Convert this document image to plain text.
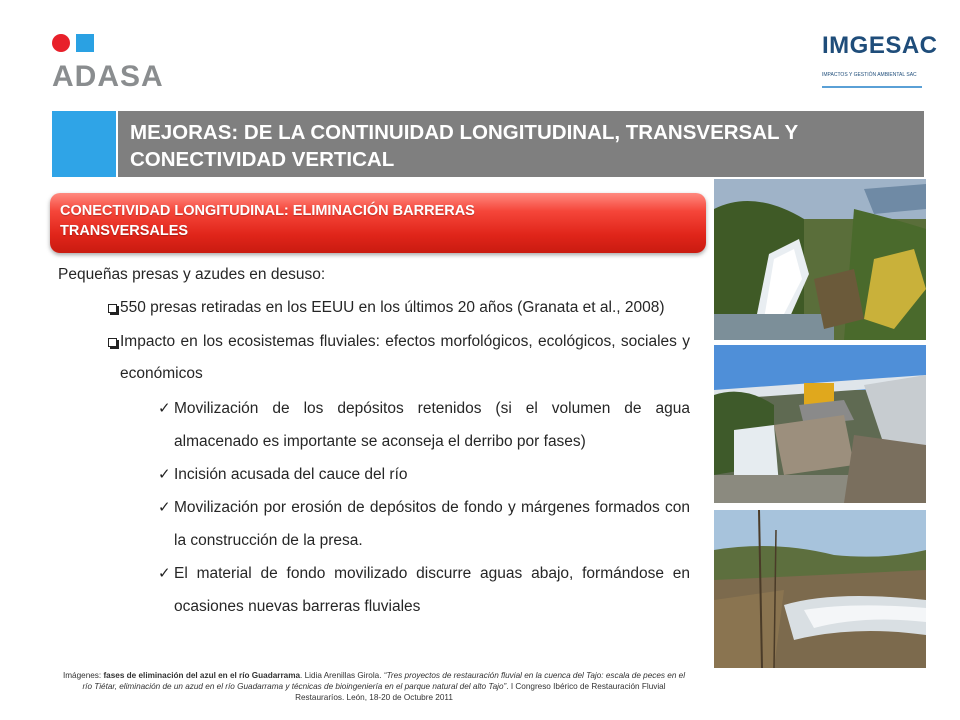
ADASA
IMGESAC
IMPACTOS Y GESTIÓN AMBIENTAL SAC
MEJORAS: DE LA CONTINUIDAD LONGITUDINAL, TRANSVERSAL Y
CONECTIVIDAD VERTICAL
CONECTIVIDAD LONGITUDINAL: ELIMINACIÓN BARRERAS
TRANSVERSALES

Pequeñas presas y azudes en desuso:

550 presas retiradas en los EEUU en los últimos 20 años (Granata et al., 2008)
Impacto en los ecosistemas fluviales: efectos morfológicos, ecológicos, sociales y económicos
✓ Movilización de los depósitos retenidos (si el volumen de agua almacenado es importante se aconseja el derribo por fases)
✓ Incisión acusada del cauce del río
✓ Movilización por erosión de depósitos de fondo y márgenes formados con la construcción de la presa.
✓ El material de fondo movilizado discurre aguas abajo, formándose en ocasiones nuevas barreras fluviales
Imágenes: fases de eliminación del azul en el río Guadarrama. Lidia Arenillas Girola. “Tres proyectos de restauración fluvial en la cuenca del Tajo: escala de peces en el río Tiétar, eliminación de un azud en el río Guadarrama y técnicas de bioingeniería en el parque natural del alto Tajo”. I Congreso Ibérico de Restauración Fluvial Restauraríos. León, 18-20 de Octubre 2011
